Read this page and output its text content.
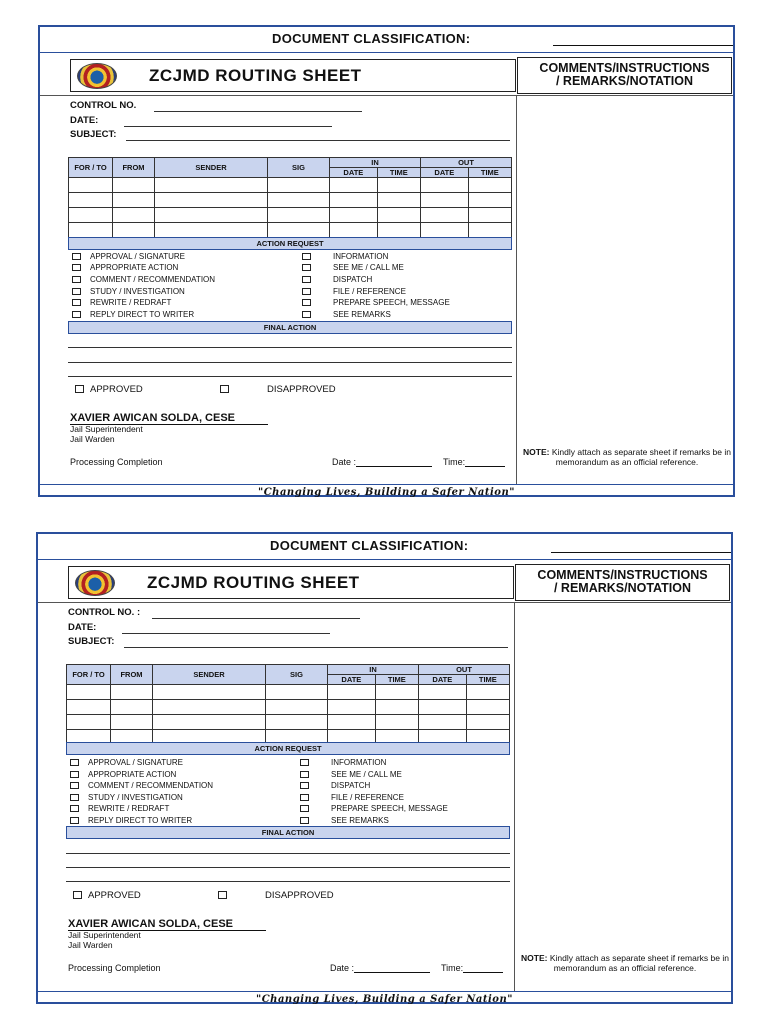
DOCUMENT CLASSIFICATION:
ZCJMD ROUTING SHEET	COMMENTS/INSTRUCTIONS
/ REMARKS/NOTATION
CONTROL NO.
DATE:
SUBJECT:
FOR / TO	FROM	SENDER	SIG	IN		OUT	
				DATE	TIME	DATE	TIME

ACTION REQUEST
APPROVAL / SIGNATURE
APPROPRIATE ACTION
COMMENT / RECOMMENDATION
STUDY / INVESTIGATION
REWRITE / REDRAFT
REPLY DIRECT TO WRITER
INFORMATION
SEE ME / CALL ME
DISPATCH
FILE / REFERENCE
PREPARE SPEECH, MESSAGE
SEE REMARKS
FINAL ACTION
APPROVED	DISAPPROVED
XAVIER AWICAN SOLDA, CESE
Jail Superintendent
Jail Warden
Processing Completion	Date :	Time:
NOTE: Kindly attach as separate sheet if remarks be in memorandum as an official reference.
"Changing Lives, Building a Safer Nation"
DOCUMENT CLASSIFICATION:
ZCJMD ROUTING SHEET	COMMENTS/INSTRUCTIONS
/ REMARKS/NOTATION
CONTROL NO. :
DATE:
SUBJECT:
FOR / TO	FROM	SENDER	SIG	IN		OUT	
				DATE	TIME	DATE	TIME

ACTION REQUEST
APPROVAL / SIGNATURE
APPROPRIATE ACTION
COMMENT / RECOMMENDATION
STUDY / INVESTIGATION
REWRITE / REDRAFT
REPLY DIRECT TO WRITER
INFORMATION
SEE ME / CALL ME
DISPATCH
FILE / REFERENCE
PREPARE SPEECH, MESSAGE
SEE REMARKS
FINAL ACTION
APPROVED	DISAPPROVED
XAVIER AWICAN SOLDA, CESE
Jail Superintendent
Jail Warden
Processing Completion	Date :	Time:
NOTE: Kindly attach as separate sheet if remarks be in memorandum as an official reference.
"Changing Lives, Building a Safer Nation"
